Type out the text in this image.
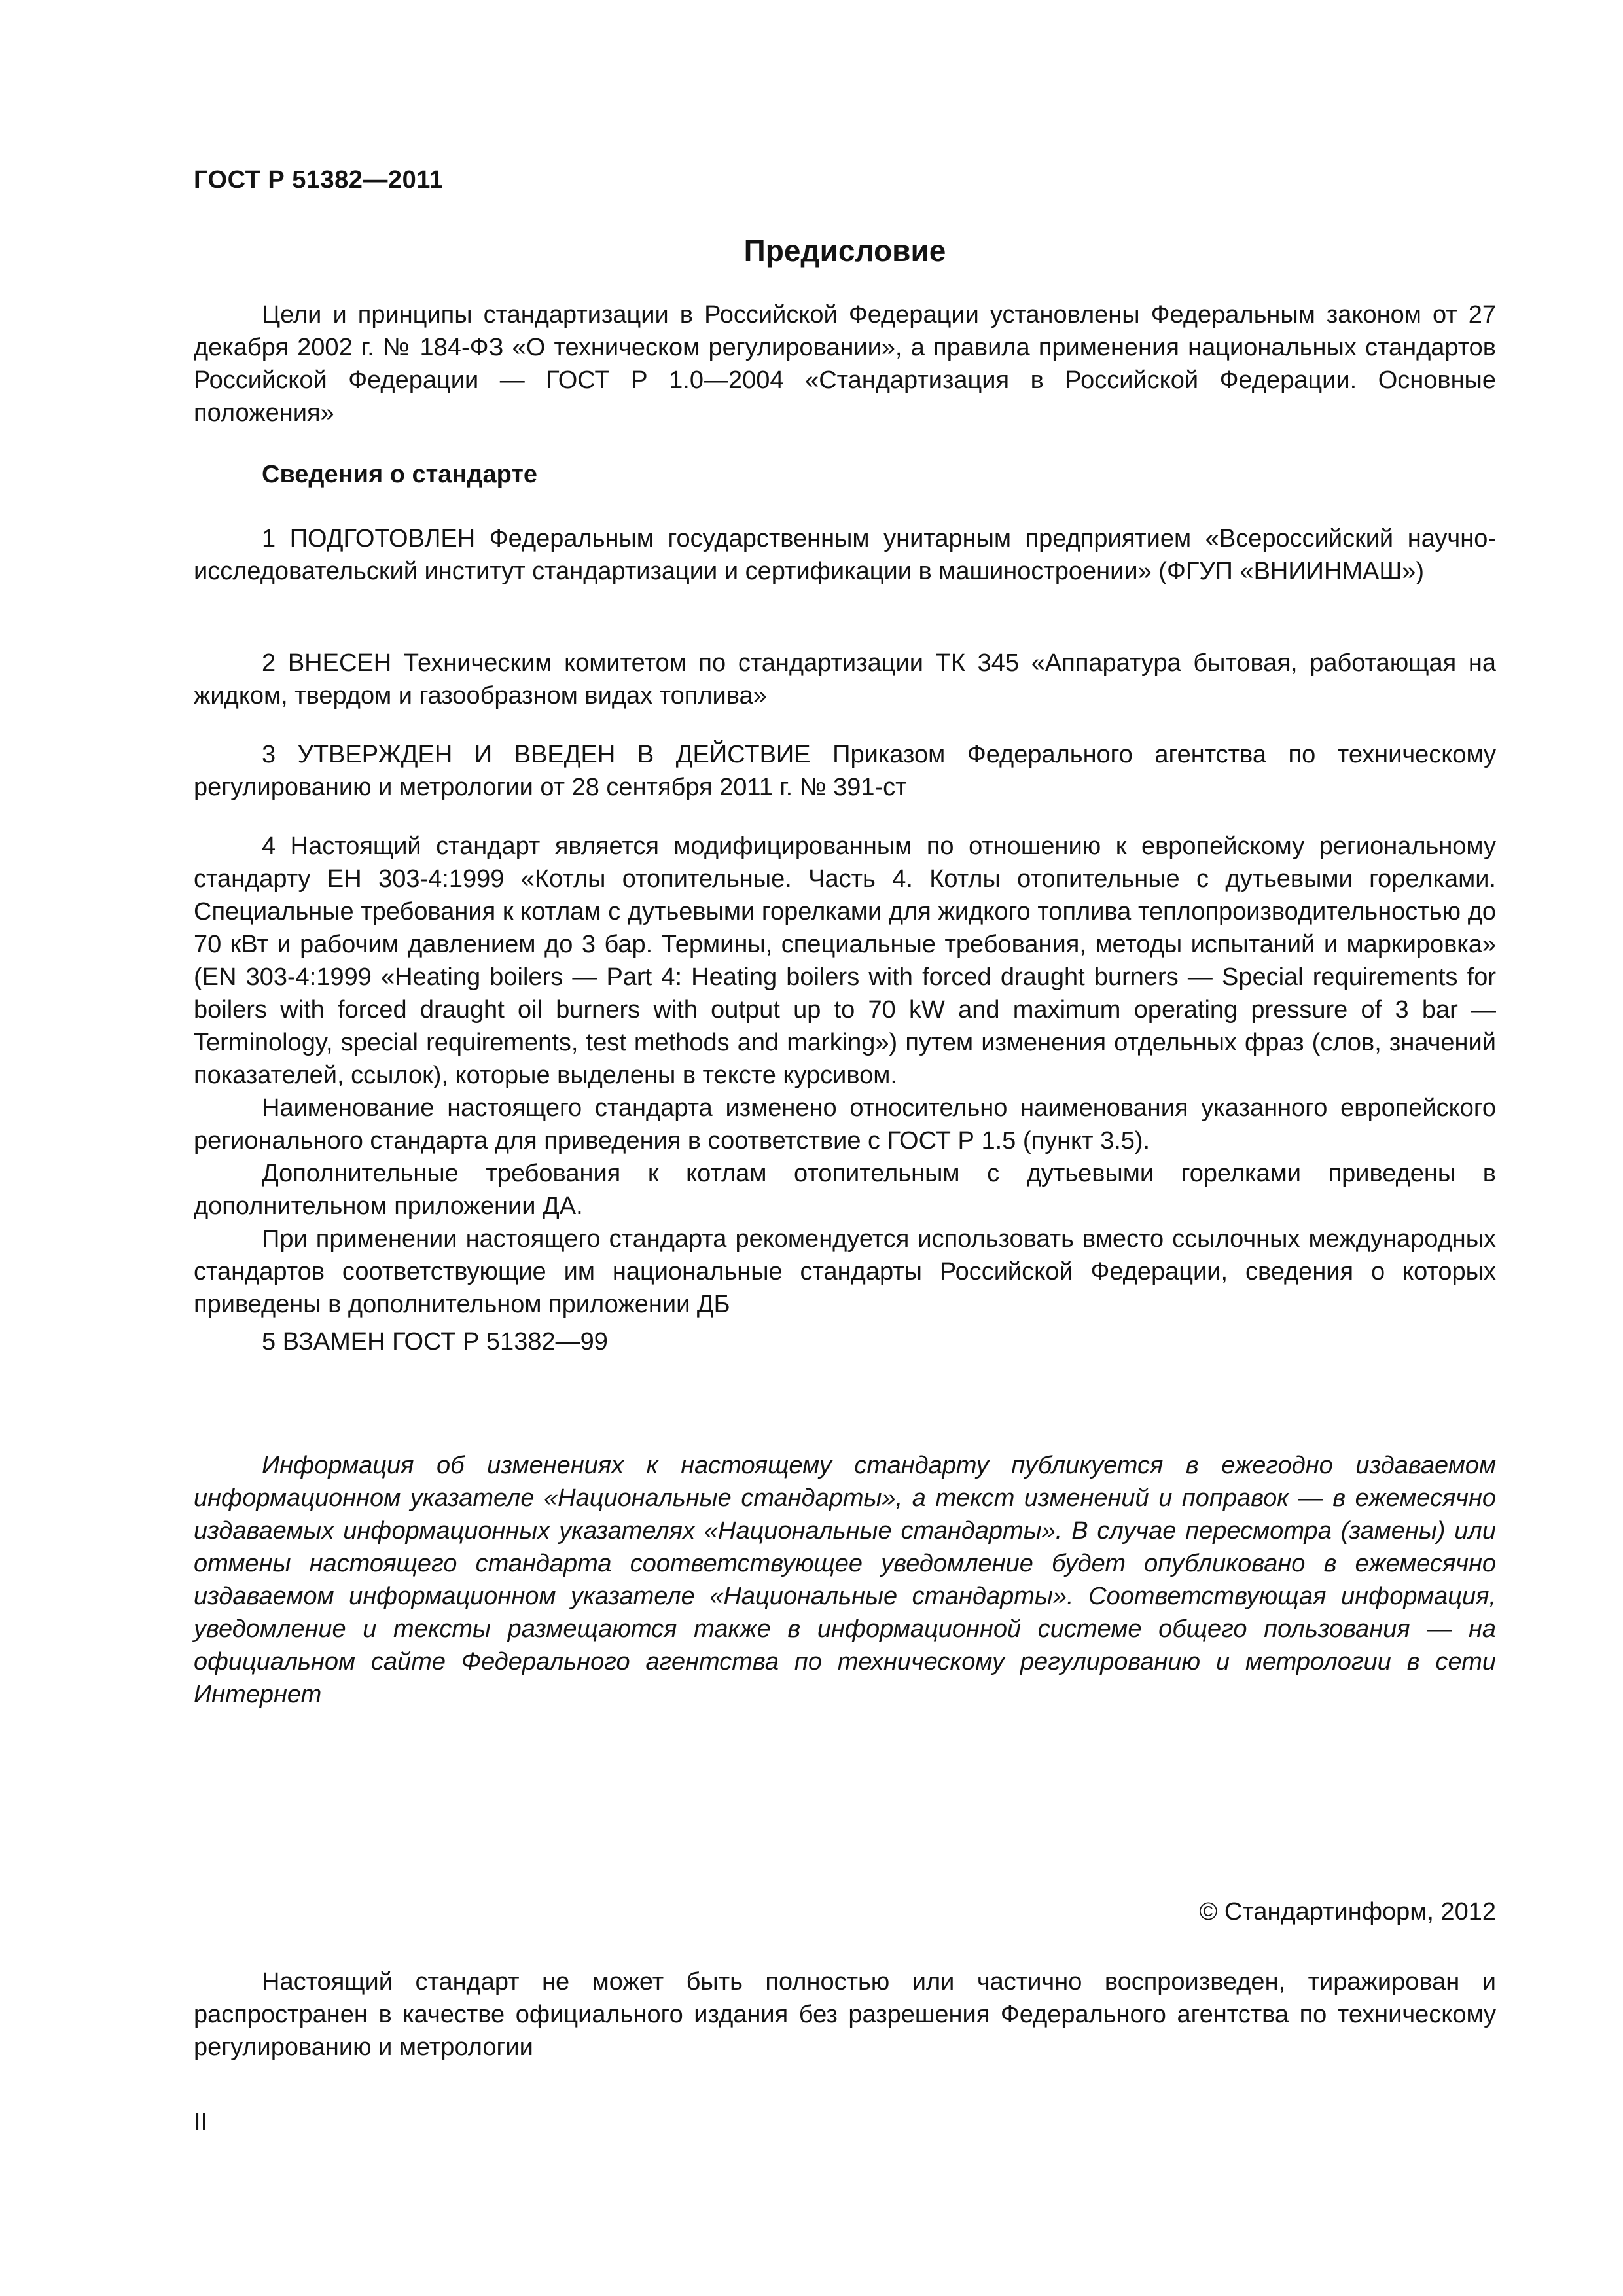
ГОСТ Р 51382—2011
Предисловие

Цели и принципы стандартизации в Российской Федерации установлены Федеральным законом от 27 декабря 2002 г. № 184-ФЗ «О техническом регулировании», а правила применения национальных стандартов Российской Федерации — ГОСТ Р 1.0—2004 «Стандартизация в Российской Федерации. Основные положения»

Сведения о стандарте

1 ПОДГОТОВЛЕН Федеральным государственным унитарным предприятием «Всероссийский научно-исследовательский институт стандартизации и сертификации в машиностроении» (ФГУП «ВНИИНМАШ»)

2 ВНЕСЕН Техническим комитетом по стандартизации ТК 345 «Аппаратура бытовая, работающая на жидком, твердом и газообразном видах топлива»

3 УТВЕРЖДЕН И ВВЕДЕН В ДЕЙСТВИЕ Приказом Федерального агентства по техническому регулированию и метрологии от 28 сентября 2011 г. № 391-ст

4 Настоящий стандарт является модифицированным по отношению к европейскому региональному стандарту ЕН 303-4:1999 «Котлы отопительные. Часть 4. Котлы отопительные с дутьевыми горелками. Специальные требования к котлам с дутьевыми горелками для жидкого топлива теплопроизводительностью до 70 кВт и рабочим давлением до 3 бар. Термины, специальные требования, методы испытаний и маркировка» (EN 303-4:1999 «Heating boilers — Part 4: Heating boilers with forced draught burners — Special requirements for boilers with forced draught oil burners with output up to 70 kW and maximum operating pressure of 3 bar — Terminology, special requirements, test methods and marking») путем изменения отдельных фраз (слов, значений показателей, ссылок), которые выделены в тексте курсивом.

Наименование настоящего стандарта изменено относительно наименования указанного европейского регионального стандарта для приведения в соответствие с ГОСТ Р 1.5 (пункт 3.5).

Дополнительные требования к котлам отопительным с дутьевыми горелками приведены в дополнительном приложении ДА.

При применении настоящего стандарта рекомендуется использовать вместо ссылочных международных стандартов соответствующие им национальные стандарты Российской Федерации, сведения о которых приведены в дополнительном приложении ДБ

5 ВЗАМЕН ГОСТ Р 51382—99

Информация об изменениях к настоящему стандарту публикуется в ежегодно издаваемом информационном указателе «Национальные стандарты», а текст изменений и поправок — в ежемесячно издаваемых информационных указателях «Национальные стандарты». В случае пересмотра (замены) или отмены настоящего стандарта соответствующее уведомление будет опубликовано в ежемесячно издаваемом информационном указателе «Национальные стандарты». Соответствующая информация, уведомление и тексты размещаются также в информационной системе общего пользования — на официальном сайте Федерального агентства по техническому регулированию и метрологии в сети Интернет

© Стандартинформ, 2012

Настоящий стандарт не может быть полностью или частично воспроизведен, тиражирован и распространен в качестве официального издания без разрешения Федерального агентства по техническому регулированию и метрологии

II
